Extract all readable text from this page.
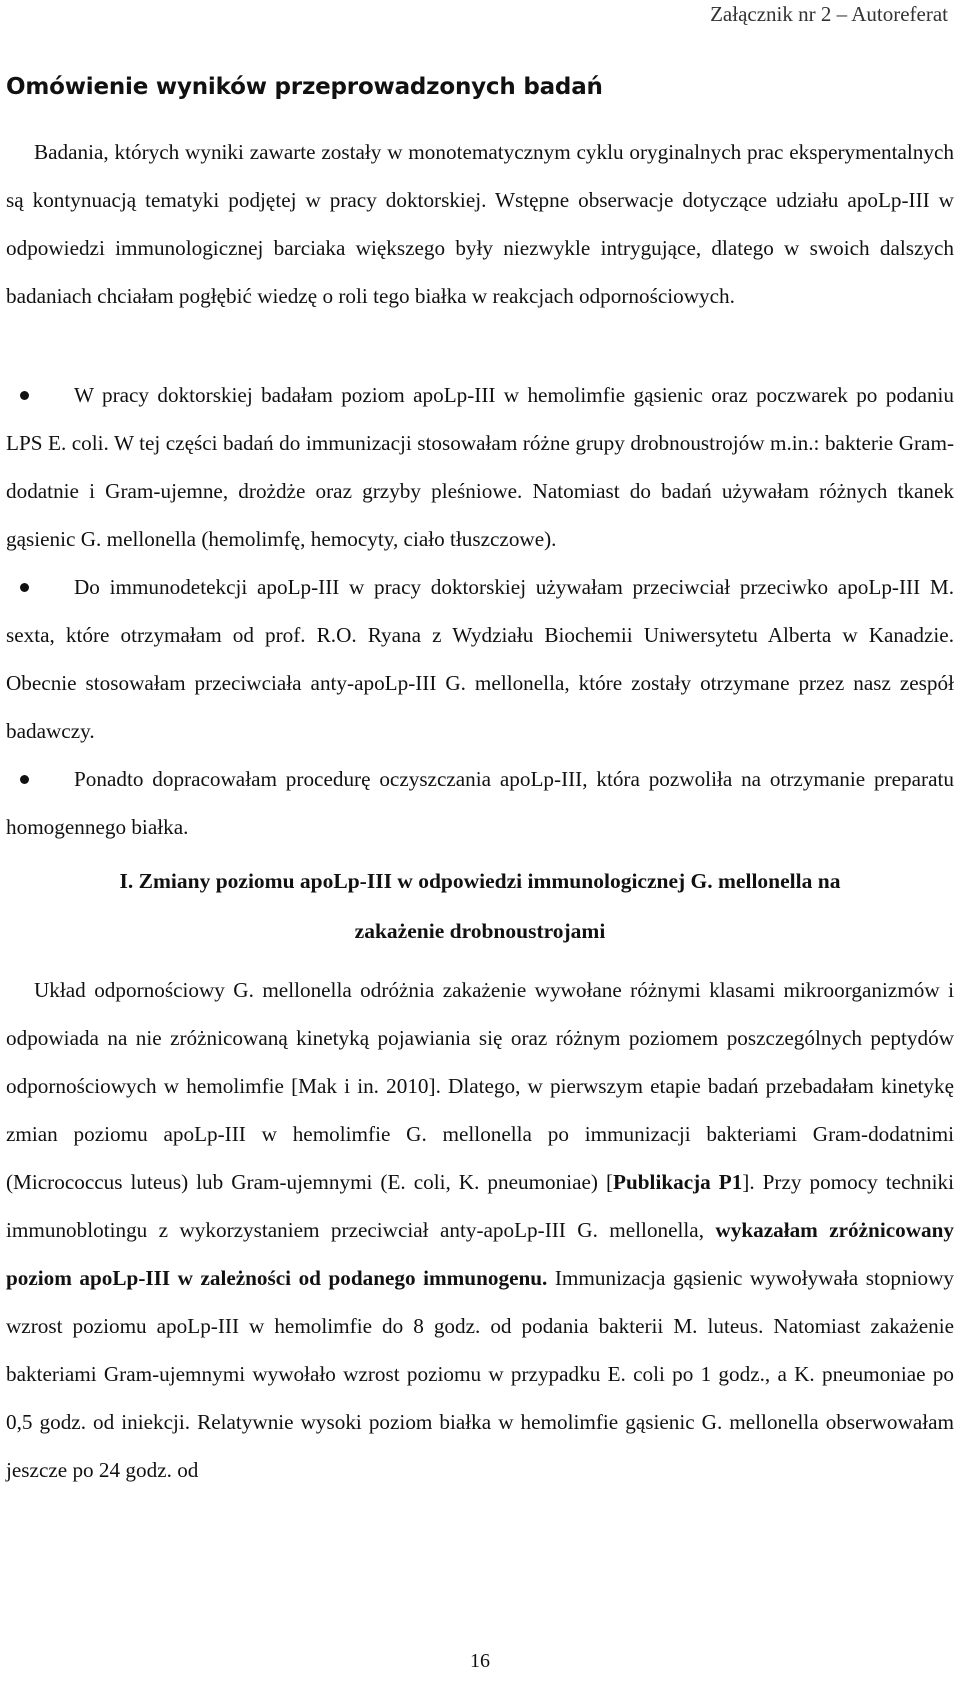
Załącznik nr 2 – Autoreferat
Omówienie wyników przeprowadzonych badań

Badania, których wyniki zawarte zostały w monotematycznym cyklu oryginalnych prac eksperymentalnych są kontynuacją tematyki podjętej w pracy doktorskiej. Wstępne obserwacje dotyczące udziału apoLp-III w odpowiedzi immunologicznej barciaka większego były niezwykle intrygujące, dlatego w swoich dalszych badaniach chciałam pogłębić wiedzę o roli tego białka w reakcjach odpornościowych.

W pracy doktorskiej badałam poziom apoLp-III w hemolimfie gąsienic oraz poczwarek po podaniu LPS E. coli. W tej części badań do immunizacji stosowałam różne grupy drobnoustrojów m.in.: bakterie Gram-dodatnie i Gram-ujemne, drożdże oraz grzyby pleśniowe. Natomiast do badań używałam różnych tkanek gąsienic G. mellonella (hemolimfę, hemocyty, ciało tłuszczowe).
Do immunodetekcji apoLp-III w pracy doktorskiej używałam przeciwciał przeciwko apoLp-III M. sexta, które otrzymałam od prof. R.O. Ryana z Wydziału Biochemii Uniwersytetu Alberta w Kanadzie. Obecnie stosowałam przeciwciała anty-apoLp-III G. mellonella, które zostały otrzymane przez nasz zespół badawczy.
Ponadto dopracowałam procedurę oczyszczania apoLp-III, która pozwoliła na otrzymanie preparatu homogennego białka.
I. Zmiany poziomu apoLp-III w odpowiedzi immunologicznej G. mellonella na
zakażenie drobnoustrojami

Układ odpornościowy G. mellonella odróżnia zakażenie wywołane różnymi klasami mikroorganizmów i odpowiada na nie zróżnicowaną kinetyką pojawiania się oraz różnym poziomem poszczególnych peptydów odpornościowych w hemolimfie [Mak i in. 2010]. Dlatego, w pierwszym etapie badań przebadałam kinetykę zmian poziomu apoLp-III w hemolimfie G. mellonella po immunizacji bakteriami Gram-dodatnimi (Micrococcus luteus) lub Gram-ujemnymi (E. coli, K. pneumoniae) [Publikacja P1]. Przy pomocy techniki immunoblotingu z wykorzystaniem przeciwciał anty-apoLp-III G. mellonella, wykazałam zróżnicowany poziom apoLp-III w zależności od podanego immunogenu. Immunizacja gąsienic wywoływała stopniowy wzrost poziomu apoLp-III w hemolimfie do 8 godz. od podania bakterii M. luteus. Natomiast zakażenie bakteriami Gram-ujemnymi wywołało wzrost poziomu w przypadku E. coli po 1 godz., a K. pneumoniae po 0,5 godz. od iniekcji. Relatywnie wysoki poziom białka w hemolimfie gąsienic G. mellonella obserwowałam jeszcze po 24 godz. od

16
